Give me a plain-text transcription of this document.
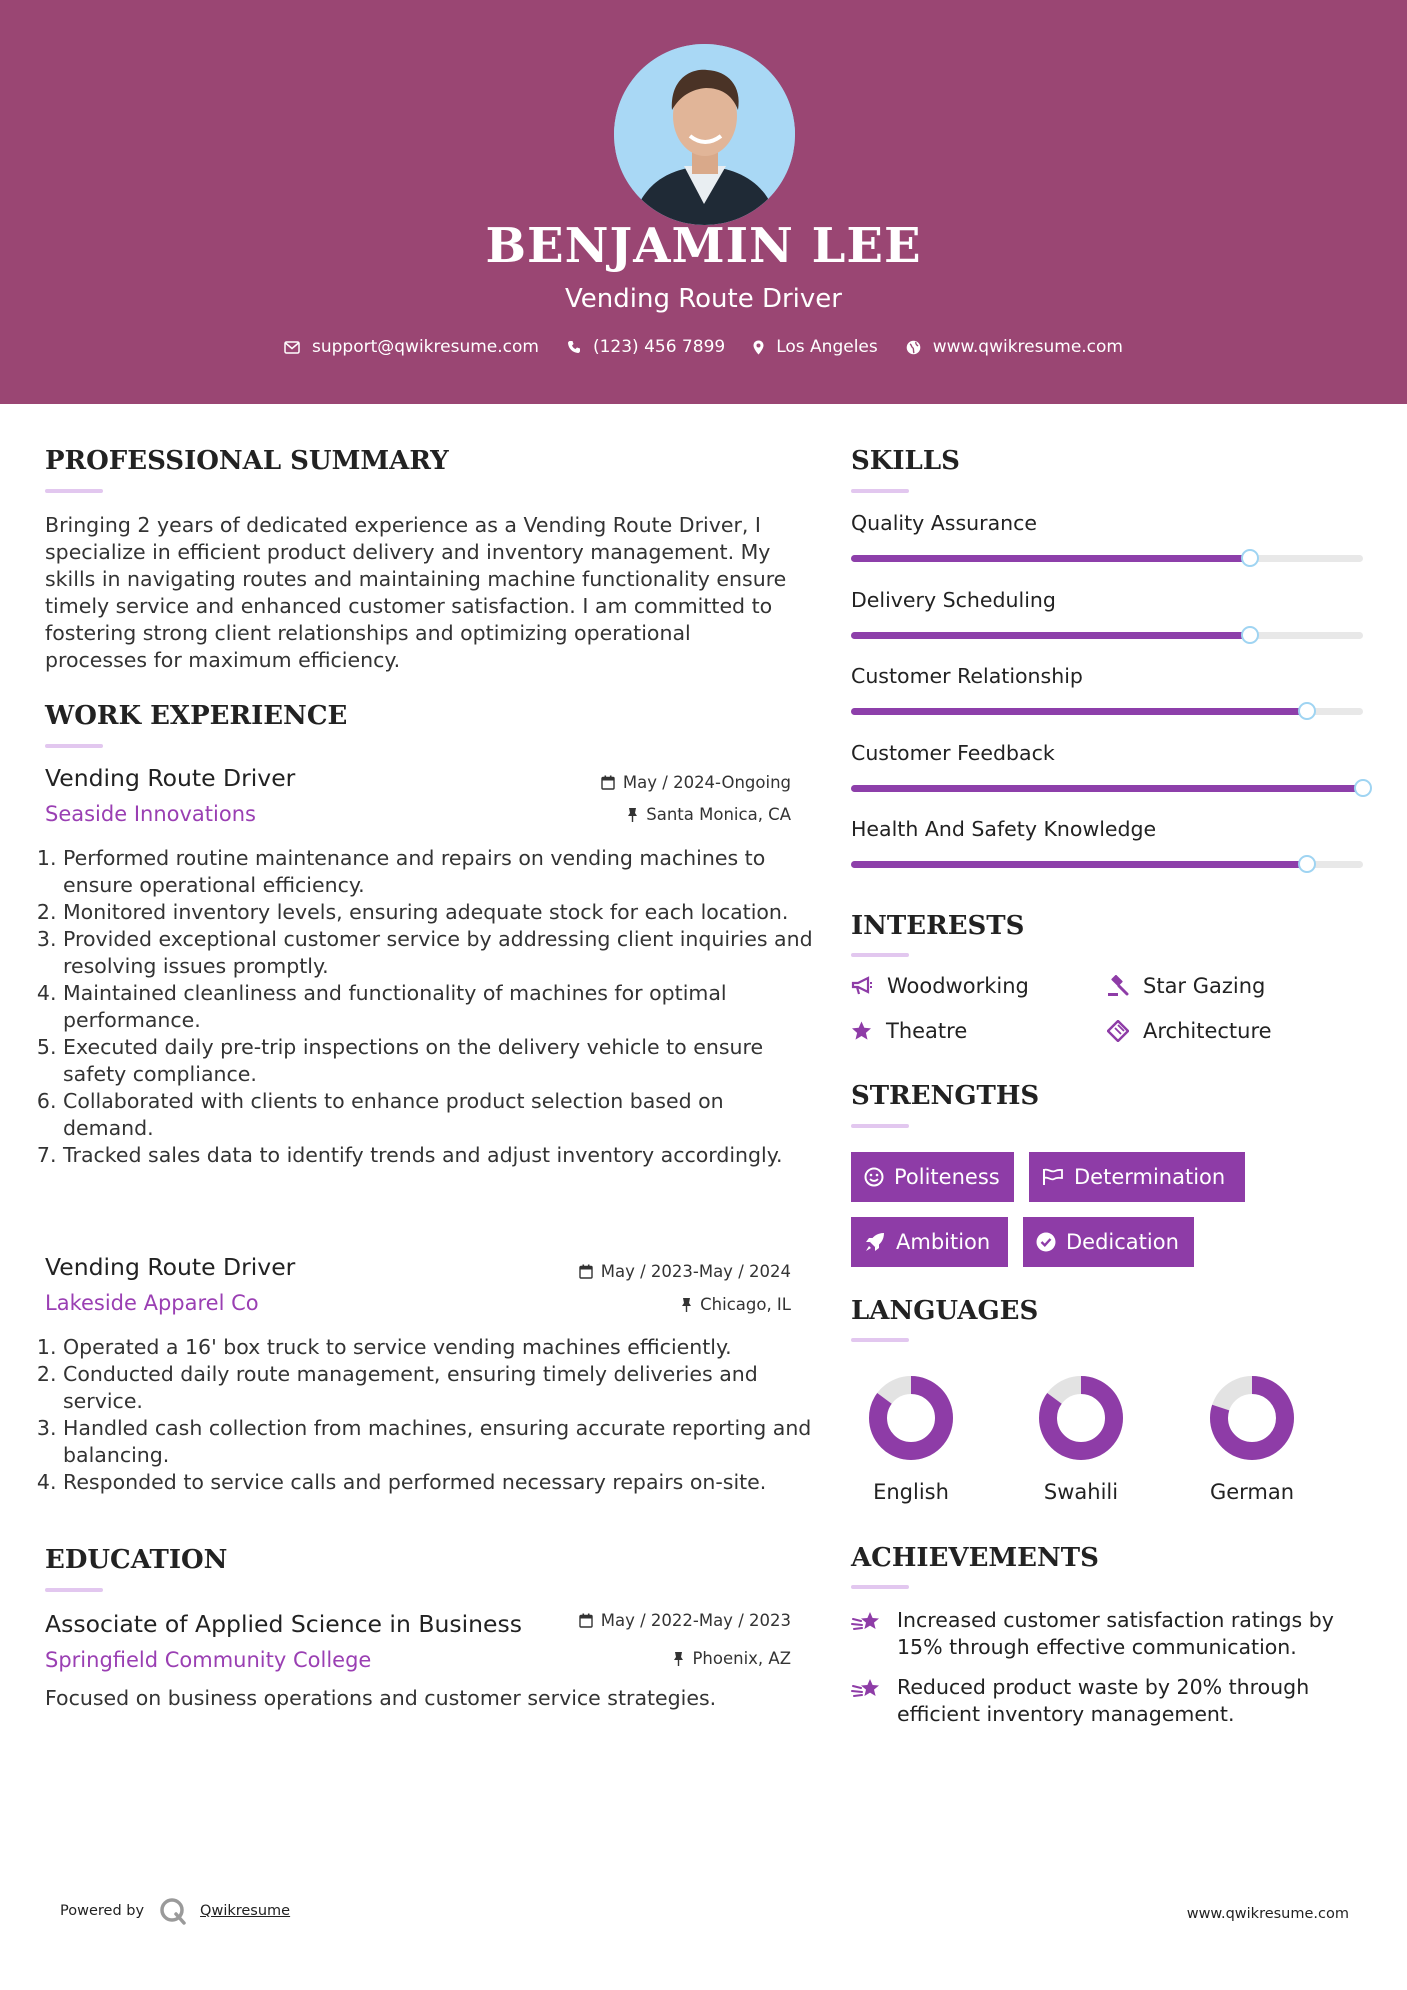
BENJAMIN LEE
Vending Route Driver
support@qwikresume.com	(123) 456 7899	Los Angeles	www.qwikresume.com
PROFESSIONAL SUMMARY
Bringing 2 years of dedicated experience as a Vending Route Driver, I specialize in efficient product delivery and inventory management. My skills in navigating routes and maintaining machine functionality ensure timely service and enhanced customer satisfaction. I am committed to fostering strong client relationships and optimizing operational processes for maximum efficiency.
WORK EXPERIENCE
Vending Route Driver
Seaside Innovations
May / 2024-Ongoing
Santa Monica, CA
1. Performed routine maintenance and repairs on vending machines to ensure operational efficiency.
2. Monitored inventory levels, ensuring adequate stock for each location.
3. Provided exceptional customer service by addressing client inquiries and resolving issues promptly.
4. Maintained cleanliness and functionality of machines for optimal performance.
5. Executed daily pre-trip inspections on the delivery vehicle to ensure safety compliance.
6. Collaborated with clients to enhance product selection based on demand.
7. Tracked sales data to identify trends and adjust inventory accordingly.
Vending Route Driver
Lakeside Apparel Co
May / 2023-May / 2024
Chicago, IL
1. Operated a 16' box truck to service vending machines efficiently.
2. Conducted daily route management, ensuring timely deliveries and service.
3. Handled cash collection from machines, ensuring accurate reporting and balancing.
4. Responded to service calls and performed necessary repairs on-site.
EDUCATION
Associate of Applied Science in Business
Springfield Community College
May / 2022-May / 2023
Phoenix, AZ
Focused on business operations and customer service strategies.
SKILLS
Quality Assurance
Delivery Scheduling
Customer Relationship
Customer Feedback
Health And Safety Knowledge
INTERESTS
Woodworking	Star Gazing
Theatre	Architecture
STRENGTHS
Politeness	Determination
Ambition	Dedication
LANGUAGES
English	Swahili	German
ACHIEVEMENTS
Increased customer satisfaction ratings by 15% through effective communication.
Reduced product waste by 20% through efficient inventory management.
Powered by	Qwikresume	www.qwikresume.com
